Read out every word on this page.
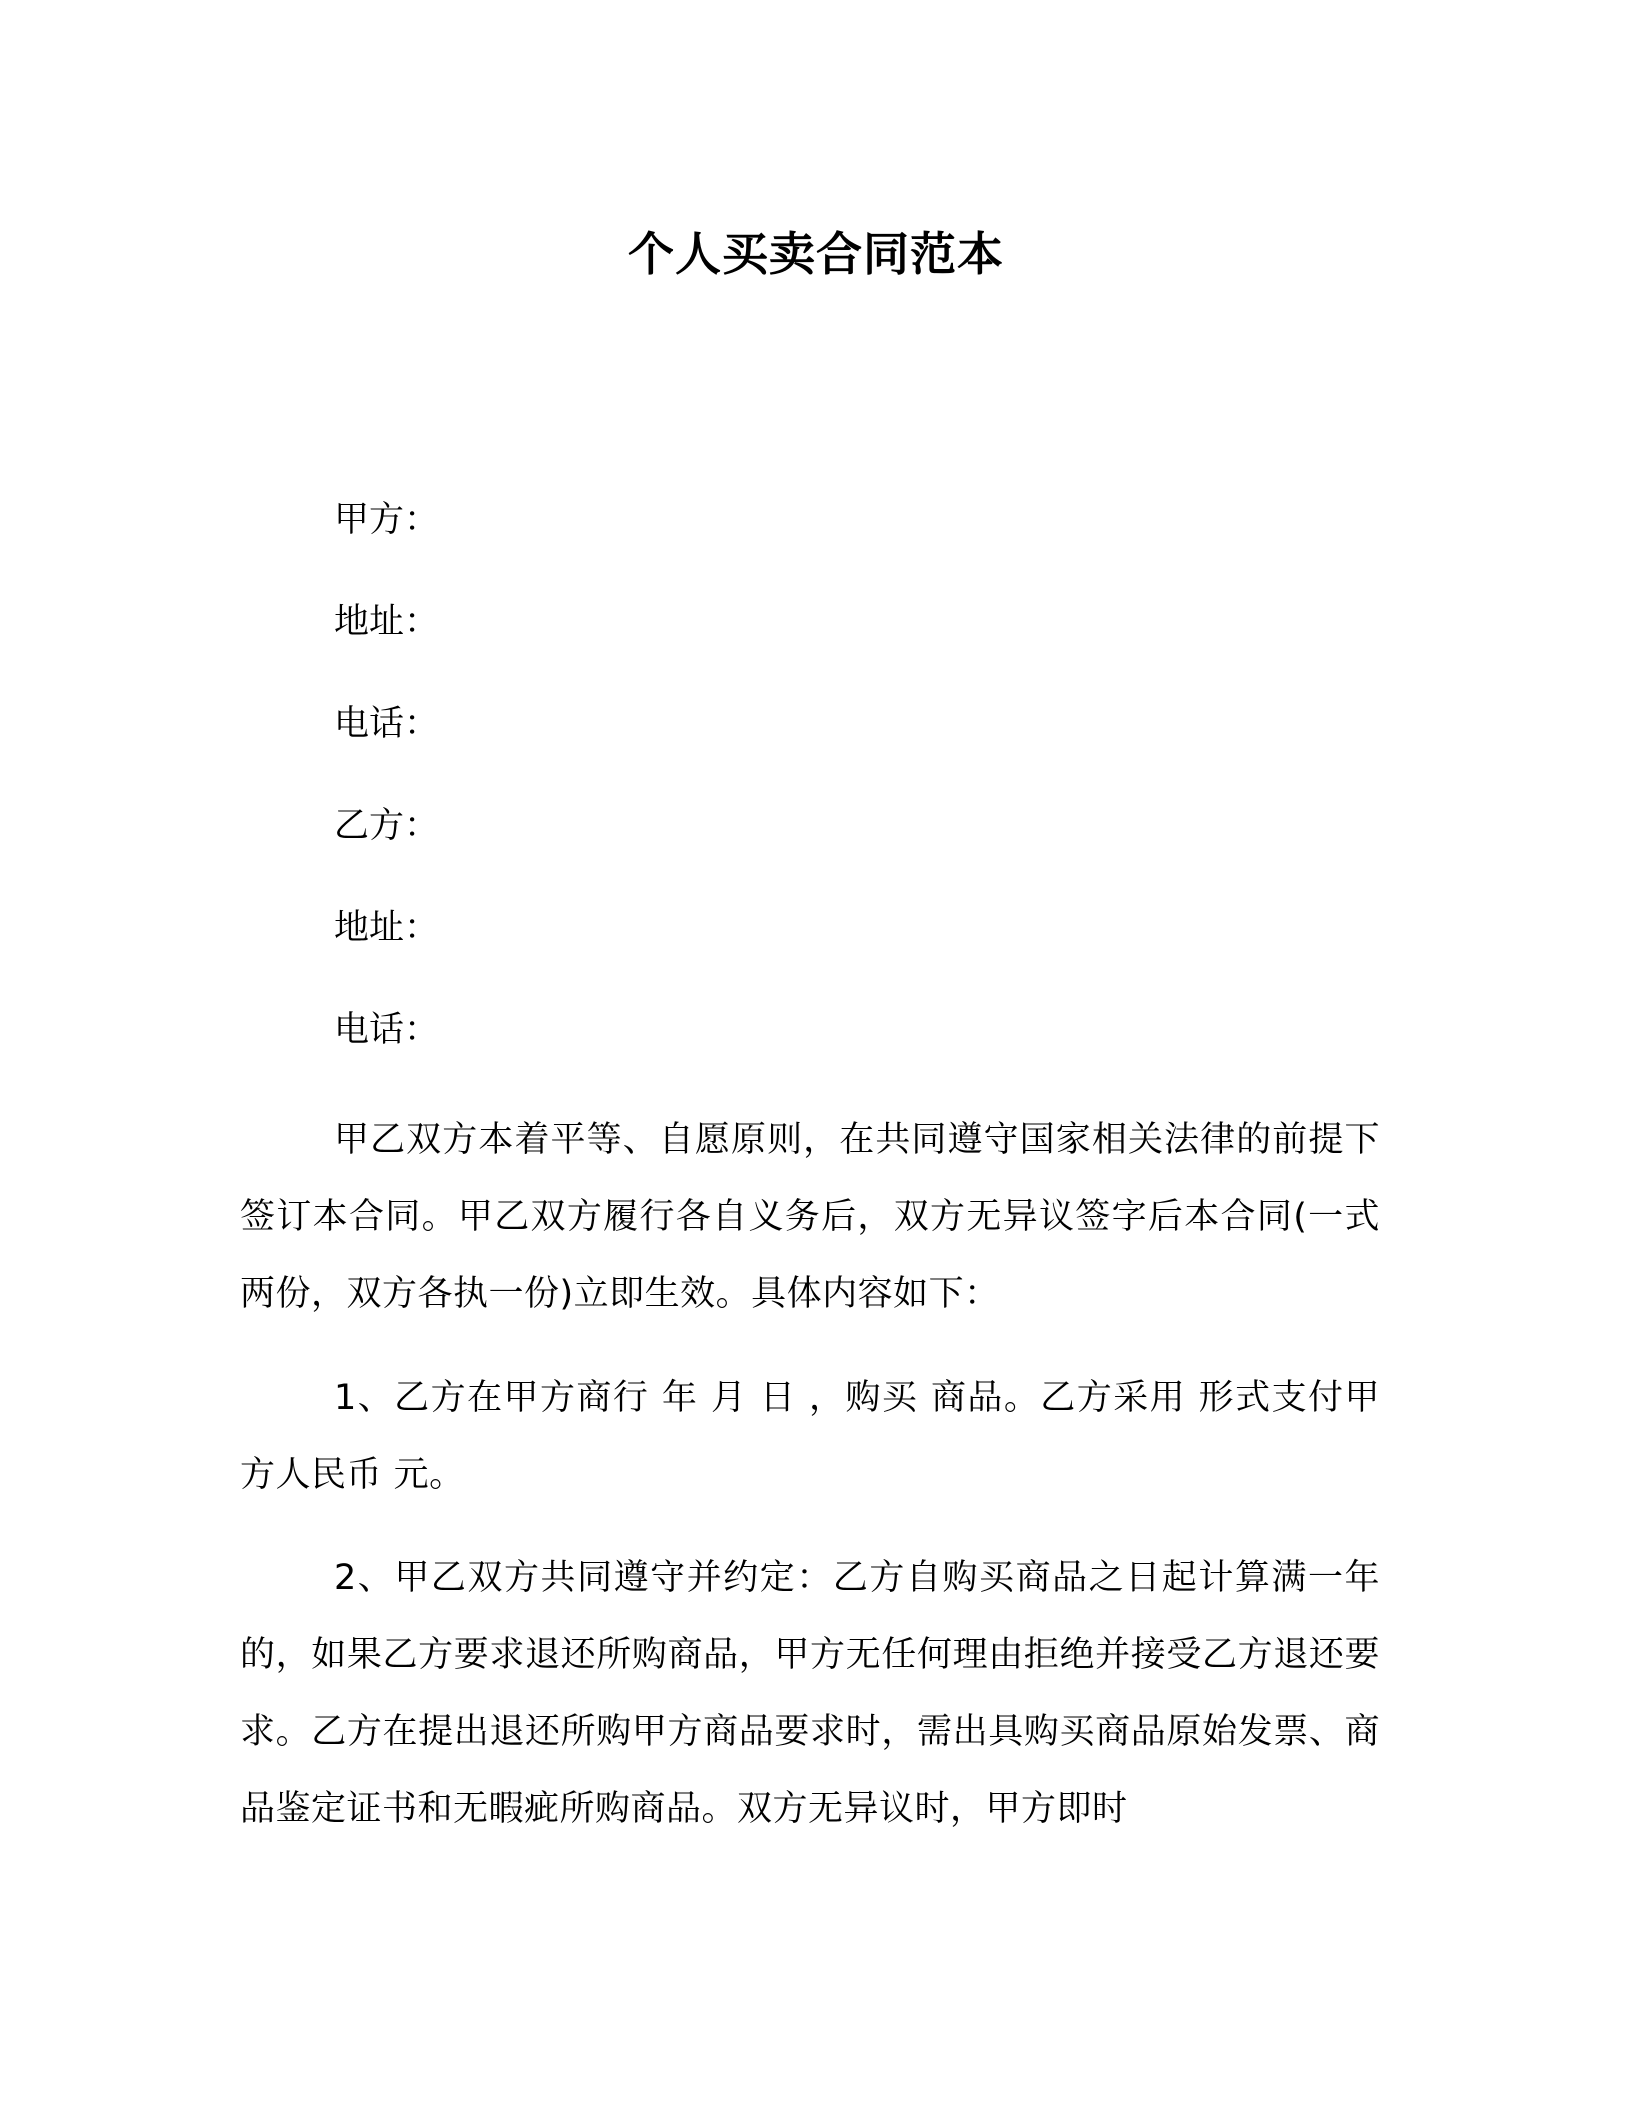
个人买卖合同范本
甲方：
地址：
电话：
乙方：
地址：
电话：
甲乙双方本着平等、自愿原则，在共同遵守国家相关法律的前提下签订本合同。甲乙双方履行各自义务后，双方无异议签字后本合同(一式两份，双方各执一份)立即生效。具体内容如下：
1、乙方在甲方商行 年 月 日 ，购买 商品。乙方采用 形式支付甲方人民币 元。
2、甲乙双方共同遵守并约定：乙方自购买商品之日起计算满一年的，如果乙方要求退还所购商品，甲方无任何理由拒绝并接受乙方退还要求。乙方在提出退还所购甲方商品要求时，需出具购买商品原始发票、商品鉴定证书和无暇疵所购商品。双方无异议时，甲方即时
